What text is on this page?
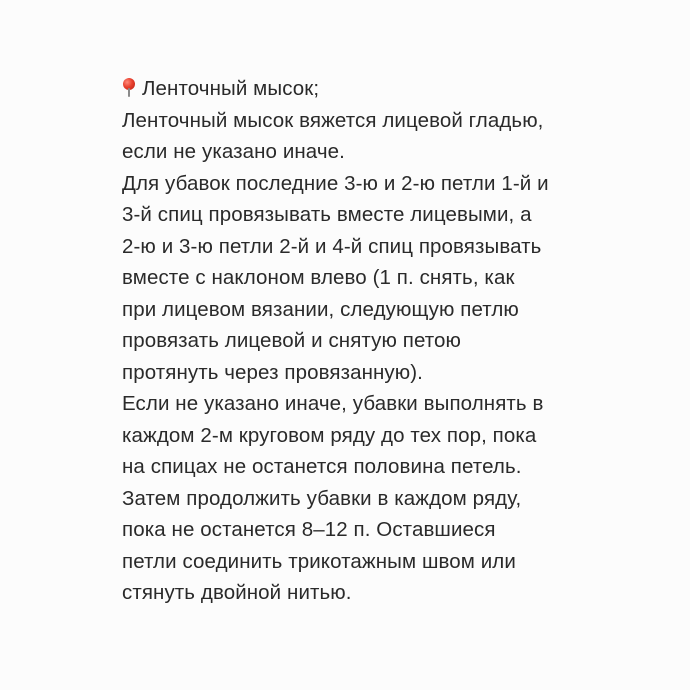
Ленточный мысок;
Ленточный мысок вяжется лицевой гладью,
если не указано иначе.
Для убавок последние 3-ю и 2-ю петли 1-й и
3-й спиц провязывать вместе лицевыми, а
2-ю и 3-ю петли 2-й и 4-й спиц провязывать
вместе с наклоном влево (1 п. снять, как
при лицевом вязании, следующую петлю
провязать лицевой и снятую петою
протянуть через провязанную).
Если не указано иначе, убавки выполнять в
каждом 2-м круговом ряду до тех пор, пока
на спицах не останется половина петель.
Затем продолжить убавки в каждом ряду,
пока не останется 8–12 п. Оставшиеся
петли соединить трикотажным швом или
стянуть двойной нитью.
